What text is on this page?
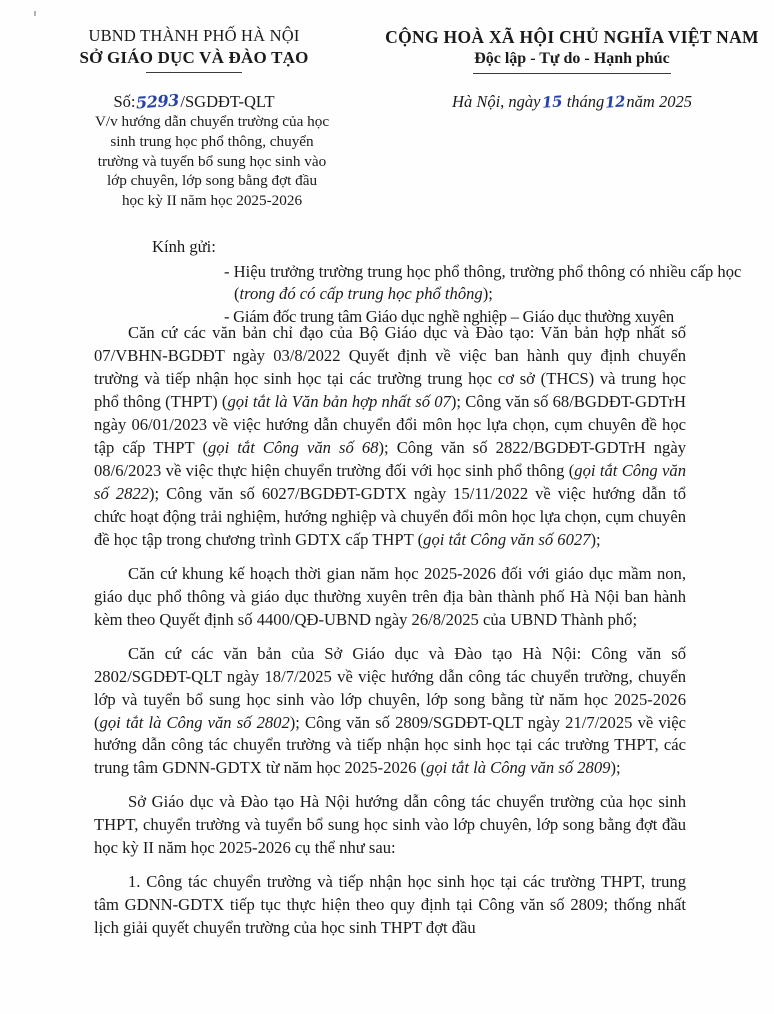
UBND THÀNH PHỐ HÀ NỘI
SỞ GIÁO DỤC VÀ ĐÀO TẠO
CỘNG HOÀ XÃ HỘI CHỦ NGHĨA VIỆT NAM
Độc lập - Tự do - Hạnh phúc
Số:5293/SGDĐT-QLT	Hà Nội, ngày15 tháng12năm 2025
V/v hướng dẫn chuyển trường của học
sinh trung học phổ thông, chuyển
trường và tuyển bổ sung học sinh vào
lớp chuyên, lớp song bằng đợt đầu
học kỳ II năm học 2025-2026
Kính gửi:
- Hiệu trưởng trường trung học phổ thông, trường phổ thông có nhiều cấp học (trong đó có cấp trung học phổ thông);
- Giám đốc trung tâm Giáo dục nghề nghiệp – Giáo dục thường xuyên

Căn cứ các văn bản chỉ đạo của Bộ Giáo dục và Đào tạo: Văn bản hợp nhất số 07/VBHN-BGDĐT ngày 03/8/2022 Quyết định về việc ban hành quy định chuyển trường và tiếp nhận học sinh học tại các trường trung học cơ sở (THCS) và trung học phổ thông (THPT) (gọi tắt là Văn bản hợp nhất số 07); Công văn số 68/BGDĐT-GDTrH ngày 06/01/2023 về việc hướng dẫn chuyển đổi môn học lựa chọn, cụm chuyên đề học tập cấp THPT (gọi tắt Công văn số 68); Công văn số 2822/BGDĐT-GDTrH ngày 08/6/2023 về việc thực hiện chuyển trường đối với học sinh phổ thông (gọi tắt Công văn số 2822); Công văn số 6027/BGDĐT-GDTX ngày 15/11/2022 về việc hướng dẫn tổ chức hoạt động trải nghiệm, hướng nghiệp và chuyển đổi môn học lựa chọn, cụm chuyên đề học tập trong chương trình GDTX cấp THPT (gọi tắt Công văn số 6027);

Căn cứ khung kế hoạch thời gian năm học 2025-2026 đối với giáo dục mầm non, giáo dục phổ thông và giáo dục thường xuyên trên địa bàn thành phố Hà Nội ban hành kèm theo Quyết định số 4400/QĐ-UBND ngày 26/8/2025 của UBND Thành phố;

Căn cứ các văn bản của Sở Giáo dục và Đào tạo Hà Nội: Công văn số 2802/SGDĐT-QLT ngày 18/7/2025 về việc hướng dẫn công tác chuyển trường, chuyển lớp và tuyển bổ sung học sinh vào lớp chuyên, lớp song bằng từ năm học 2025-2026 (gọi tắt là Công văn số 2802); Công văn số 2809/SGDĐT-QLT ngày 21/7/2025 về việc hướng dẫn công tác chuyển trường và tiếp nhận học sinh học tại các trường THPT, các trung tâm GDNN-GDTX từ năm học 2025-2026 (gọi tắt là Công văn số 2809);

Sở Giáo dục và Đào tạo Hà Nội hướng dẫn công tác chuyển trường của học sinh THPT, chuyển trường và tuyển bổ sung học sinh vào lớp chuyên, lớp song bằng đợt đầu học kỳ II năm học 2025-2026 cụ thể như sau:

1. Công tác chuyển trường và tiếp nhận học sinh học tại các trường THPT, trung tâm GDNN-GDTX tiếp tục thực hiện theo quy định tại Công văn số 2809; thống nhất lịch giải quyết chuyển trường của học sinh THPT đợt đầu
